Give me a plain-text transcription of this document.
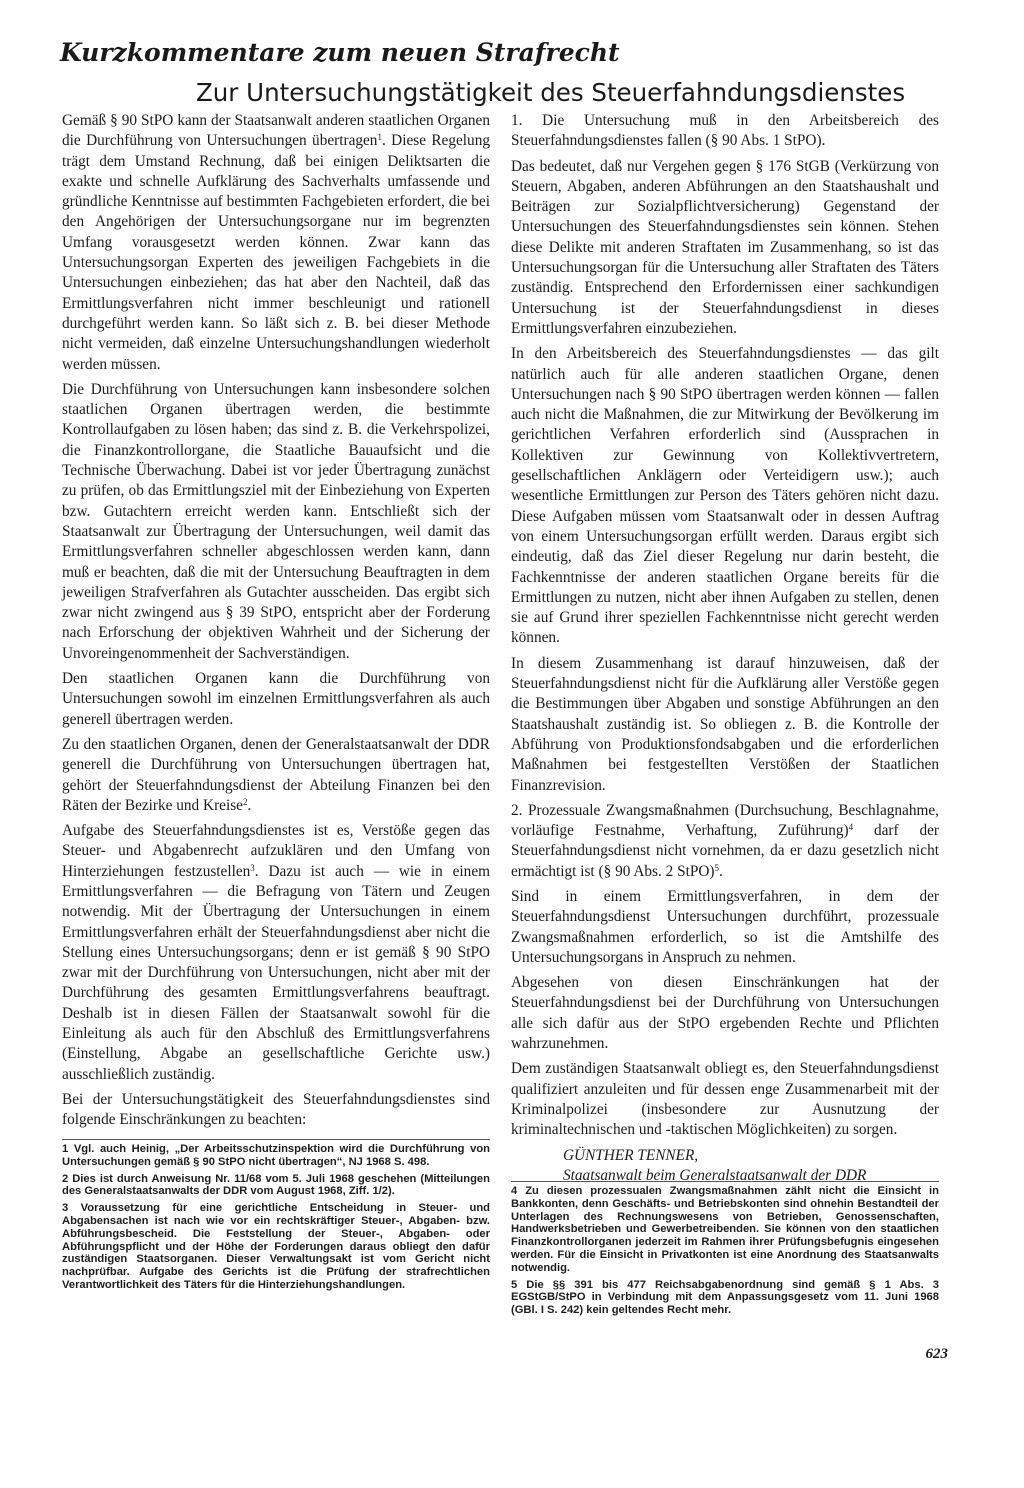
Kurzkommentare zum neuen Strafrecht
Zur Untersuchungstätigkeit des Steuerfahndungsdienstes

Gemäß § 90 StPO kann der Staatsanwalt anderen staatlichen Organen die Durchführung von Untersuchungen übertragen$^1$. Diese Regelung trägt dem Umstand Rechnung, daß bei einigen Deliktsarten die exakte und schnelle Aufklärung des Sachverhalts umfassende und gründliche Kenntnisse auf bestimmten Fachgebieten erfordert, die bei den Angehörigen der Untersuchungsorgane nur im begrenzten Umfang vorausgesetzt werden können. Zwar kann das Untersuchungsorgan Experten des jeweiligen Fachgebiets in die Untersuchungen einbeziehen; das hat aber den Nachteil, daß das Ermittlungsverfahren nicht immer beschleunigt und rationell durchgeführt werden kann. So läßt sich z. B. bei dieser Methode nicht vermeiden, daß einzelne Untersuchungshandlungen wiederholt werden müssen.

Die Durchführung von Untersuchungen kann insbesondere solchen staatlichen Organen übertragen werden, die bestimmte Kontrollaufgaben zu lösen haben; das sind z. B. die Verkehrspolizei, die Finanzkontrollorgane, die Staatliche Bauaufsicht und die Technische Überwachung. Dabei ist vor jeder Übertragung zunächst zu prüfen, ob das Ermittlungsziel mit der Einbeziehung von Experten bzw. Gutachtern erreicht werden kann. Entschließt sich der Staatsanwalt zur Übertragung der Untersuchungen, weil damit das Ermittlungsverfahren schneller abgeschlossen werden kann, dann muß er beachten, daß die mit der Untersuchung Beauftragten in dem jeweiligen Strafverfahren als Gutachter ausscheiden. Das ergibt sich zwar nicht zwingend aus § 39 StPO, entspricht aber der Forderung nach Erforschung der objektiven Wahrheit und der Sicherung der Unvoreingenommenheit der Sachverständigen.

Den staatlichen Organen kann die Durchführung von Untersuchungen sowohl im einzelnen Ermittlungsverfahren als auch generell übertragen werden.

Zu den staatlichen Organen, denen der Generalstaatsanwalt der DDR generell die Durchführung von Untersuchungen übertragen hat, gehört der Steuerfahndungsdienst der Abteilung Finanzen bei den Räten der Bezirke und Kreise$^2$.

Aufgabe des Steuerfahndungsdienstes ist es, Verstöße gegen das Steuer- und Abgabenrecht aufzuklären und den Umfang von Hinterziehungen festzustellen$^3$. Dazu ist auch — wie in einem Ermittlungsverfahren — die Befragung von Tätern und Zeugen notwendig. Mit der Übertragung der Untersuchungen in einem Ermittlungsverfahren erhält der Steuerfahndungsdienst aber nicht die Stellung eines Untersuchungsorgans; denn er ist gemäß § 90 StPO zwar mit der Durchführung von Untersuchungen, nicht aber mit der Durchführung des gesamten Ermittlungsverfahrens beauftragt. Deshalb ist in diesen Fällen der Staatsanwalt sowohl für die Einleitung als auch für den Abschluß des Ermittlungsverfahrens (Einstellung, Abgabe an gesellschaftliche Gerichte usw.) ausschließlich zuständig.

Bei der Untersuchungstätigkeit des Steuerfahndungsdienstes sind folgende Einschränkungen zu beachten:

1. Die Untersuchung muß in den Arbeitsbereich des Steuerfahndungsdienstes fallen (§ 90 Abs. 1 StPO).

Das bedeutet, daß nur Vergehen gegen § 176 StGB (Verkürzung von Steuern, Abgaben, anderen Abführungen an den Staatshaushalt und Beiträgen zur Sozialpflichtversicherung) Gegenstand der Untersuchungen des Steuerfahndungsdienstes sein können. Stehen diese Delikte mit anderen Straftaten im Zusammenhang, so ist das Untersuchungsorgan für die Untersuchung aller Straftaten des Täters zuständig. Entsprechend den Erfordernissen einer sachkundigen Untersuchung ist der Steuerfahndungsdienst in dieses Ermittlungsverfahren einzubeziehen.

In den Arbeitsbereich des Steuerfahndungsdienstes — das gilt natürlich auch für alle anderen staatlichen Organe, denen Untersuchungen nach § 90 StPO übertragen werden können — fallen auch nicht die Maßnahmen, die zur Mitwirkung der Bevölkerung im gerichtlichen Verfahren erforderlich sind (Aussprachen in Kollektiven zur Gewinnung von Kollektivvertretern, gesellschaftlichen Anklägern oder Verteidigern usw.); auch wesentliche Ermittlungen zur Person des Täters gehören nicht dazu. Diese Aufgaben müssen vom Staatsanwalt oder in dessen Auftrag von einem Untersuchungsorgan erfüllt werden. Daraus ergibt sich eindeutig, daß das Ziel dieser Regelung nur darin besteht, die Fachkenntnisse der anderen staatlichen Organe bereits für die Ermittlungen zu nutzen, nicht aber ihnen Aufgaben zu stellen, denen sie auf Grund ihrer speziellen Fachkenntnisse nicht gerecht werden können.

In diesem Zusammenhang ist darauf hinzuweisen, daß der Steuerfahndungsdienst nicht für die Aufklärung aller Verstöße gegen die Bestimmungen über Abgaben und sonstige Abführungen an den Staatshaushalt zuständig ist. So obliegen z. B. die Kontrolle der Abführung von Produktionsfondsabgaben und die erforderlichen Maßnahmen bei festgestellten Verstößen der Staatlichen Finanzrevision.

2. Prozessuale Zwangsmaßnahmen (Durchsuchung, Beschlagnahme, vorläufige Festnahme, Verhaftung, Zuführung)$^4$ darf der Steuerfahndungsdienst nicht vornehmen, da er dazu gesetzlich nicht ermächtigt ist (§ 90 Abs. 2 StPO)$^5$.

Sind in einem Ermittlungsverfahren, in dem der Steuerfahndungsdienst Untersuchungen durchführt, prozessuale Zwangsmaßnahmen erforderlich, so ist die Amtshilfe des Untersuchungsorgans in Anspruch zu nehmen.

Abgesehen von diesen Einschränkungen hat der Steuerfahndungsdienst bei der Durchführung von Untersuchungen alle sich dafür aus der StPO ergebenden Rechte und Pflichten wahrzunehmen.

Dem zuständigen Staatsanwalt obliegt es, den Steuerfahndungsdienst qualifiziert anzuleiten und für dessen enge Zusammenarbeit mit der Kriminalpolizei (insbesondere zur Ausnutzung der kriminaltechnischen und -taktischen Möglichkeiten) zu sorgen.

GÜNTHER TENNER,

Staatsanwalt beim Generalstaatsanwalt der DDR

1 Vgl. auch Heinig, „Der Arbeitsschutzinspektion wird die Durchführung von Untersuchungen gemäß § 90 StPO nicht übertragen“, NJ 1968 S. 498.

2 Dies ist durch Anweisung Nr. 11/68 vom 5. Juli 1968 geschehen (Mitteilungen des Generalstaatsanwalts der DDR vom August 1968, Ziff. 1/2).

3 Voraussetzung für eine gerichtliche Entscheidung in Steuer- und Abgabensachen ist nach wie vor ein rechtskräftiger Steuer-, Abgaben- bzw. Abführungsbescheid. Die Feststellung der Steuer-, Abgaben- oder Abführungspflicht und der Höhe der Forderungen daraus obliegt den dafür zuständigen Staatsorganen. Dieser Verwaltungsakt ist vom Gericht nicht nachprüfbar. Aufgabe des Gerichts ist die Prüfung der strafrechtlichen Verantwortlichkeit des Täters für die Hinterziehungshandlungen.

4 Zu diesen prozessualen Zwangsmaßnahmen zählt nicht die Einsicht in Bankkonten, denn Geschäfts- und Betriebskonten sind ohnehin Bestandteil der Unterlagen des Rechnungswesens von Betrieben, Genossenschaften, Handwerksbetrieben und Gewerbetreibenden. Sie können von den staatlichen Finanzkontrollorganen jederzeit im Rahmen ihrer Prüfungsbefugnis eingesehen werden. Für die Einsicht in Privatkonten ist eine Anordnung des Staatsanwalts notwendig.

5 Die §§ 391 bis 477 Reichsabgabenordnung sind gemäß § 1 Abs. 3 EGStGB/StPO in Verbindung mit dem Anpassungsgesetz vom 11. Juni 1968 (GBl. I S. 242) kein geltendes Recht mehr.

623
